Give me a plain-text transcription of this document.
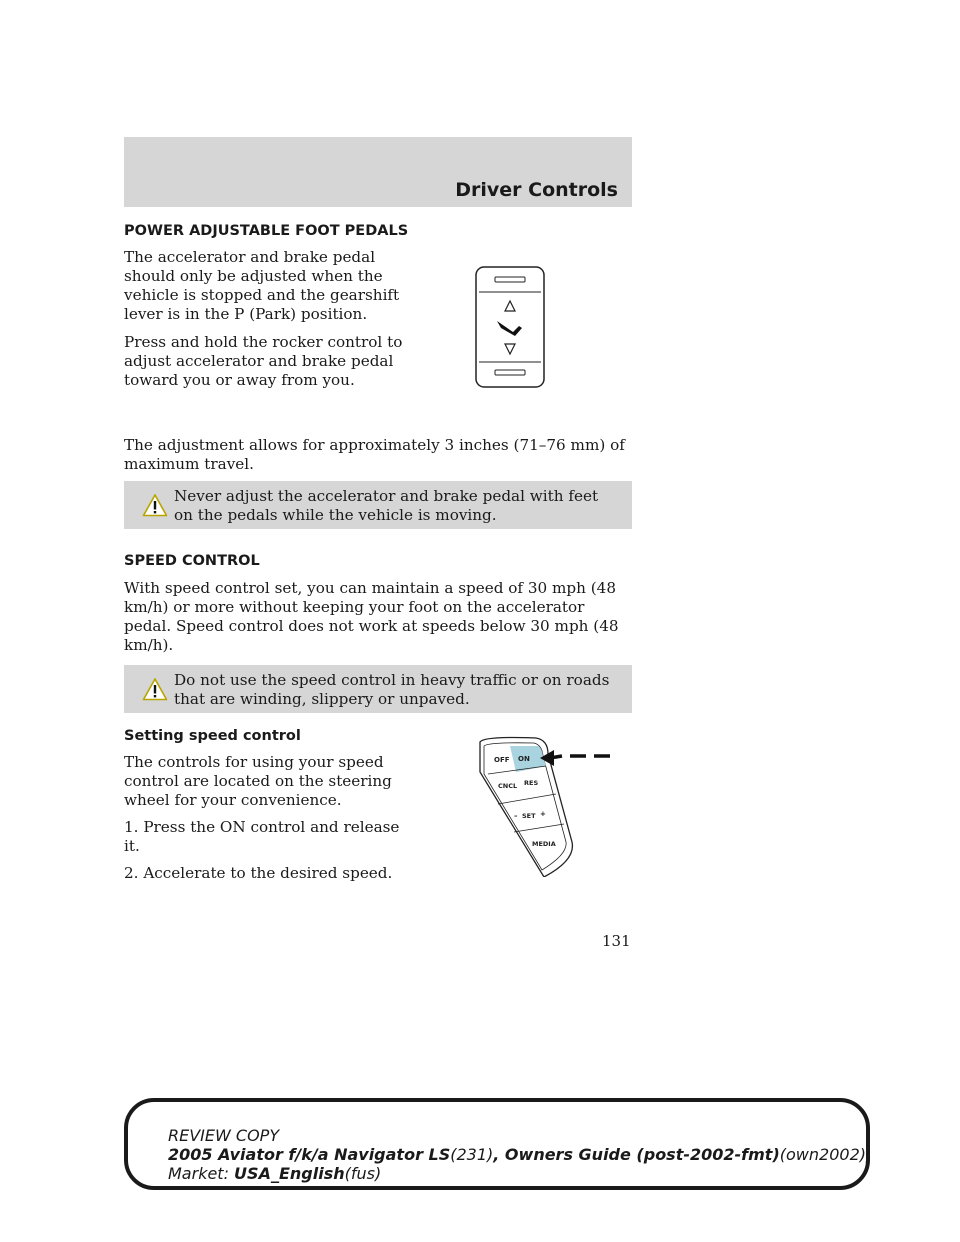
Driver Controls
OFF ON
CNCL RES
– SET +
MEDIA

POWER ADJUSTABLE FOOT PEDALS

The accelerator and brake pedal should only be adjusted when the vehicle is stopped and the gearshift lever is in the P (Park) position.

Press and hold the rocker control to adjust accelerator and brake pedal toward you or away from you.

The adjustment allows for approximately 3 inches (71–76 mm) of maximum travel.

Never adjust the accelerator and brake pedal with feet on the pedals while the vehicle is moving.

SPEED CONTROL

With speed control set, you can maintain a speed of 30 mph (48 km/h) or more without keeping your foot on the accelerator pedal. Speed control does not work at speeds below 30 mph (48 km/h).

Do not use the speed control in heavy traffic or on roads that are winding, slippery or unpaved.

Setting speed control

The controls for using your speed control are located on the steering wheel for your convenience.

1. Press the ON control and release it.

2. Accelerate to the desired speed.

131
REVIEW COPY
2005 Aviator f/k/a Navigator LS(231), Owners Guide (post-2002-fmt)(own2002),
Market: USA_English(fus)
